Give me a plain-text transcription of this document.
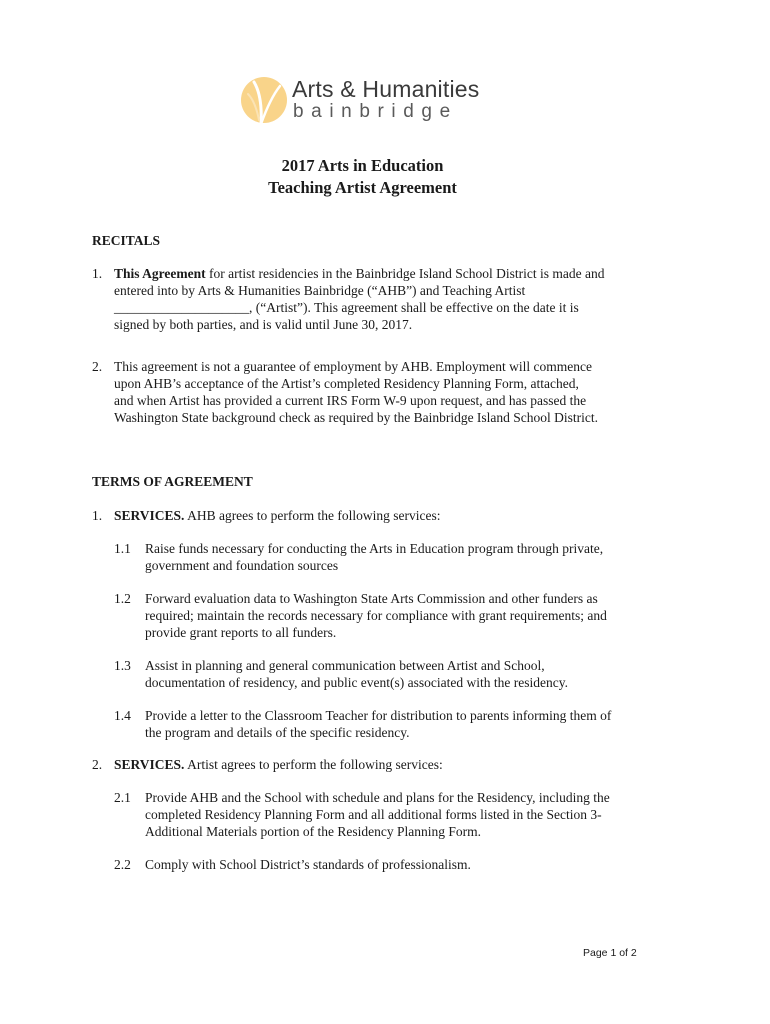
Arts & Humanities
bainbridge
2017 Arts in Education
Teaching Artist Agreement
RECITALS
1. This Agreement for artist residencies in the Bainbridge Island School District is made and
entered into by Arts & Humanities Bainbridge (“AHB”) and Teaching Artist
____________________, (“Artist”). This agreement shall be effective on the date it is
signed by both parties, and is valid until June 30, 2017.
2. This agreement is not a guarantee of employment by AHB. Employment will commence
upon AHB’s acceptance of the Artist’s completed Residency Planning Form, attached,
and when Artist has provided a current IRS Form W-9 upon request, and has passed the
Washington State background check as required by the Bainbridge Island School District.
TERMS OF AGREEMENT
1. SERVICES. AHB agrees to perform the following services:
1.1 Raise funds necessary for conducting the Arts in Education program through private,
government and foundation sources
1.2 Forward evaluation data to Washington State Arts Commission and other funders as
required; maintain the records necessary for compliance with grant requirements; and
provide grant reports to all funders.
1.3 Assist in planning and general communication between Artist and School,
documentation of residency, and public event(s) associated with the residency.
1.4 Provide a letter to the Classroom Teacher for distribution to parents informing them of
the program and details of the specific residency.
2. SERVICES. Artist agrees to perform the following services:
2.1 Provide AHB and the School with schedule and plans for the Residency, including the
completed Residency Planning Form and all additional forms listed in the Section 3-
Additional Materials portion of the Residency Planning Form.
2.2 Comply with School District’s standards of professionalism.
Page 1 of 2
